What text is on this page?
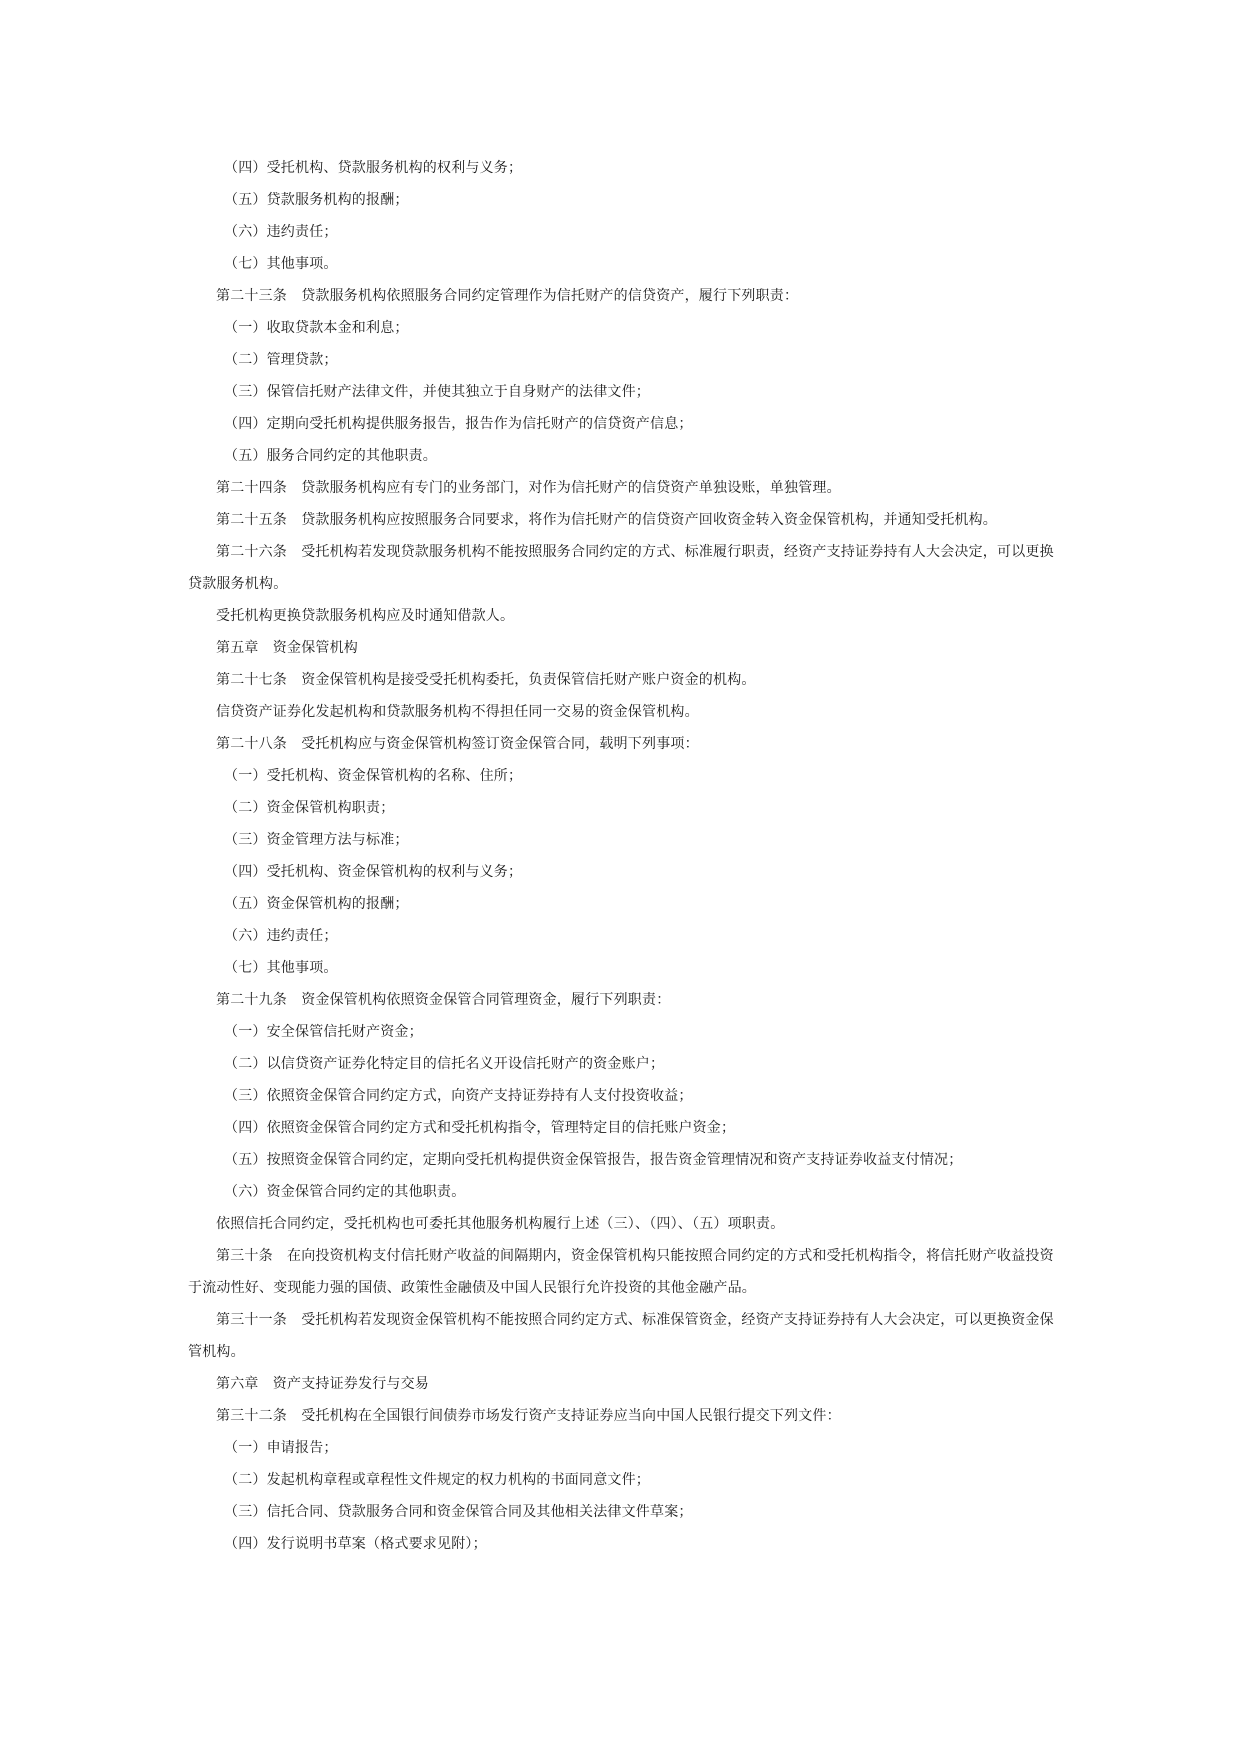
（四）受托机构、贷款服务机构的权利与义务；

（五）贷款服务机构的报酬；

（六）违约责任；

（七）其他事项。

第二十三条　贷款服务机构依照服务合同约定管理作为信托财产的信贷资产，履行下列职责：

（一）收取贷款本金和利息；

（二）管理贷款；

（三）保管信托财产法律文件，并使其独立于自身财产的法律文件；

（四）定期向受托机构提供服务报告，报告作为信托财产的信贷资产信息；

（五）服务合同约定的其他职责。

第二十四条　贷款服务机构应有专门的业务部门，对作为信托财产的信贷资产单独设账，单独管理。

第二十五条　贷款服务机构应按照服务合同要求，将作为信托财产的信贷资产回收资金转入资金保管机构，并通知受托机构。

第二十六条　受托机构若发现贷款服务机构不能按照服务合同约定的方式、标准履行职责，经资产支持证券持有人大会决定，可以更换贷款服务机构。

受托机构更换贷款服务机构应及时通知借款人。

第五章　资金保管机构

第二十七条　资金保管机构是接受受托机构委托，负责保管信托财产账户资金的机构。

信贷资产证券化发起机构和贷款服务机构不得担任同一交易的资金保管机构。

第二十八条　受托机构应与资金保管机构签订资金保管合同，载明下列事项：

（一）受托机构、资金保管机构的名称、住所；

（二）资金保管机构职责；

（三）资金管理方法与标准；

（四）受托机构、资金保管机构的权利与义务；

（五）资金保管机构的报酬；

（六）违约责任；

（七）其他事项。

第二十九条　资金保管机构依照资金保管合同管理资金，履行下列职责：

（一）安全保管信托财产资金；

（二）以信贷资产证券化特定目的信托名义开设信托财产的资金账户；

（三）依照资金保管合同约定方式，向资产支持证券持有人支付投资收益；

（四）依照资金保管合同约定方式和受托机构指令，管理特定目的信托账户资金；

（五）按照资金保管合同约定，定期向受托机构提供资金保管报告，报告资金管理情况和资产支持证券收益支付情况；

（六）资金保管合同约定的其他职责。

依照信托合同约定，受托机构也可委托其他服务机构履行上述（三）、（四）、（五）项职责。

第三十条　在向投资机构支付信托财产收益的间隔期内，资金保管机构只能按照合同约定的方式和受托机构指令，将信托财产收益投资于流动性好、变现能力强的国债、政策性金融债及中国人民银行允许投资的其他金融产品。

第三十一条　受托机构若发现资金保管机构不能按照合同约定方式、标准保管资金，经资产支持证券持有人大会决定，可以更换资金保管机构。

第六章　资产支持证券发行与交易

第三十二条　受托机构在全国银行间债券市场发行资产支持证券应当向中国人民银行提交下列文件：

（一）申请报告；

（二）发起机构章程或章程性文件规定的权力机构的书面同意文件；

（三）信托合同、贷款服务合同和资金保管合同及其他相关法律文件草案；

（四）发行说明书草案（格式要求见附）；
